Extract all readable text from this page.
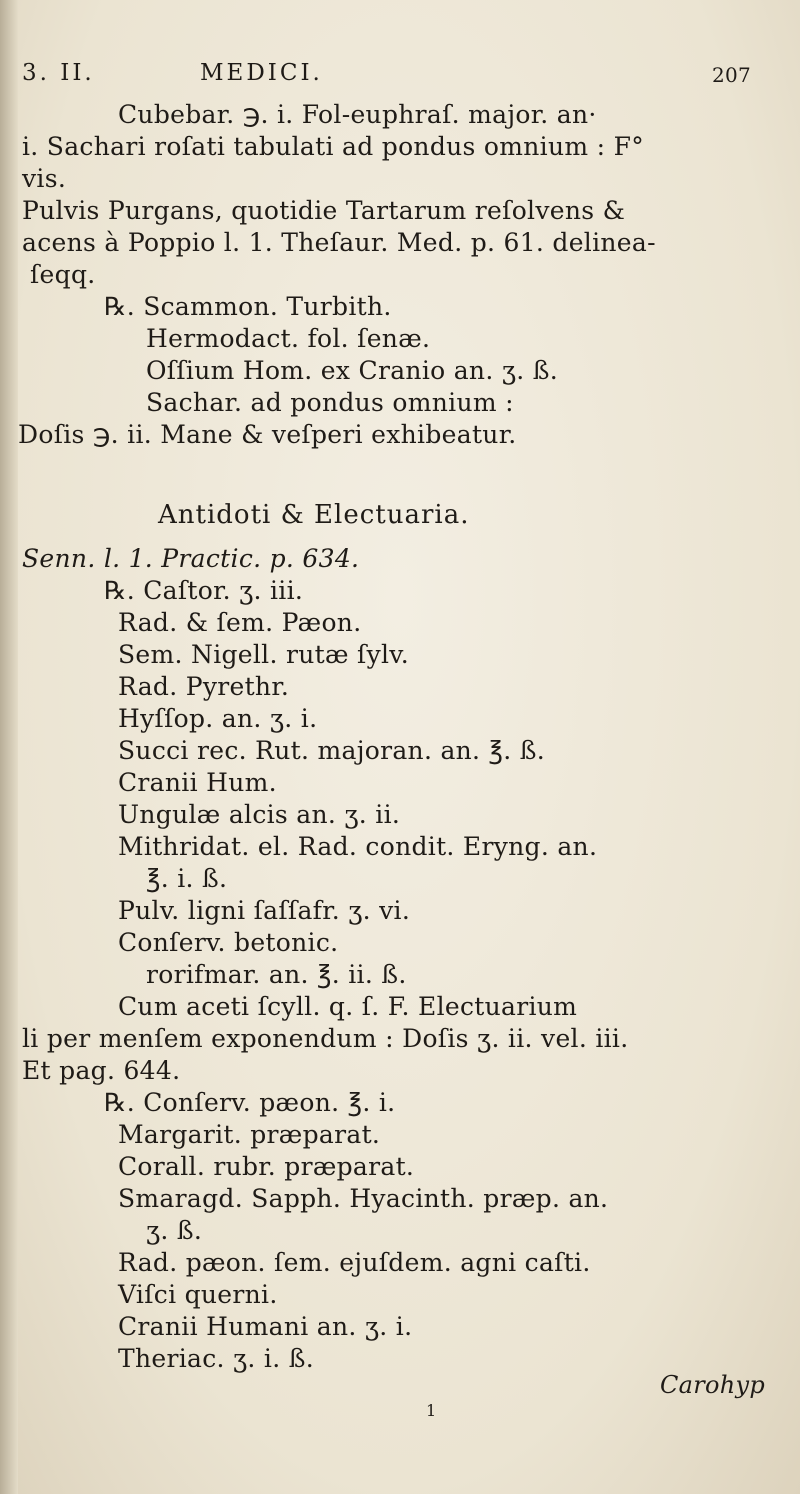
3. II.	MEDICI.	207
Cubebar. ℈. i. Fol-euphraſ. major. an·
i. Sachari roſati tabulati ad pondus omnium : F°
vis.
Pulvis Purgans, quotidie Tartarum reſolvens &
acens à Poppio l. 1. Theſaur. Med. p. 61. delinea-
ſeqq.
℞. Scammon. Turbith.
Hermodact. fol. ſenæ.
Oſſium Hom. ex Cranio an. ʒ. ß.
Sachar. ad pondus omnium :
Doſis ℈. ii. Mane & veſperi exhibeatur.
Antidoti & Electuaria.
Senn. l. 1. Practic. p. 634.
℞. Caſtor. ʒ. iii.
Rad. & ſem. Pæon.
Sem. Nigell. rutæ ſylv.
Rad. Pyrethr.
Hyſſop. an. ʒ. i.
Succi rec. Rut. majoran. an. ℥. ß.
Cranii Hum.
Ungulæ alcis an. ʒ. ii.
Mithridat. el. Rad. condit. Eryng. an.
℥. i. ß.
Pulv. ligni ſaſſafr. ʒ. vi.
Conſerv. betonic.
rorifmar. an. ℥. ii. ß.
Cum aceti ſcyll. q. ſ. F. Electuarium
li per menſem exponendum : Doſis ʒ. ii. vel. iii.
Et pag. 644.
℞. Conſerv. pæon. ℥. i.
Margarit. præparat.
Corall. rubr. præparat.
Smaragd. Sapph. Hyacinth. præp. an.
ʒ. ß.
Rad. pæon. ſem. ejuſdem. agni caſti.
Viſci querni.
Cranii Humani an. ʒ. i.
Theriac. ʒ. i. ß.
Carohyp
1
